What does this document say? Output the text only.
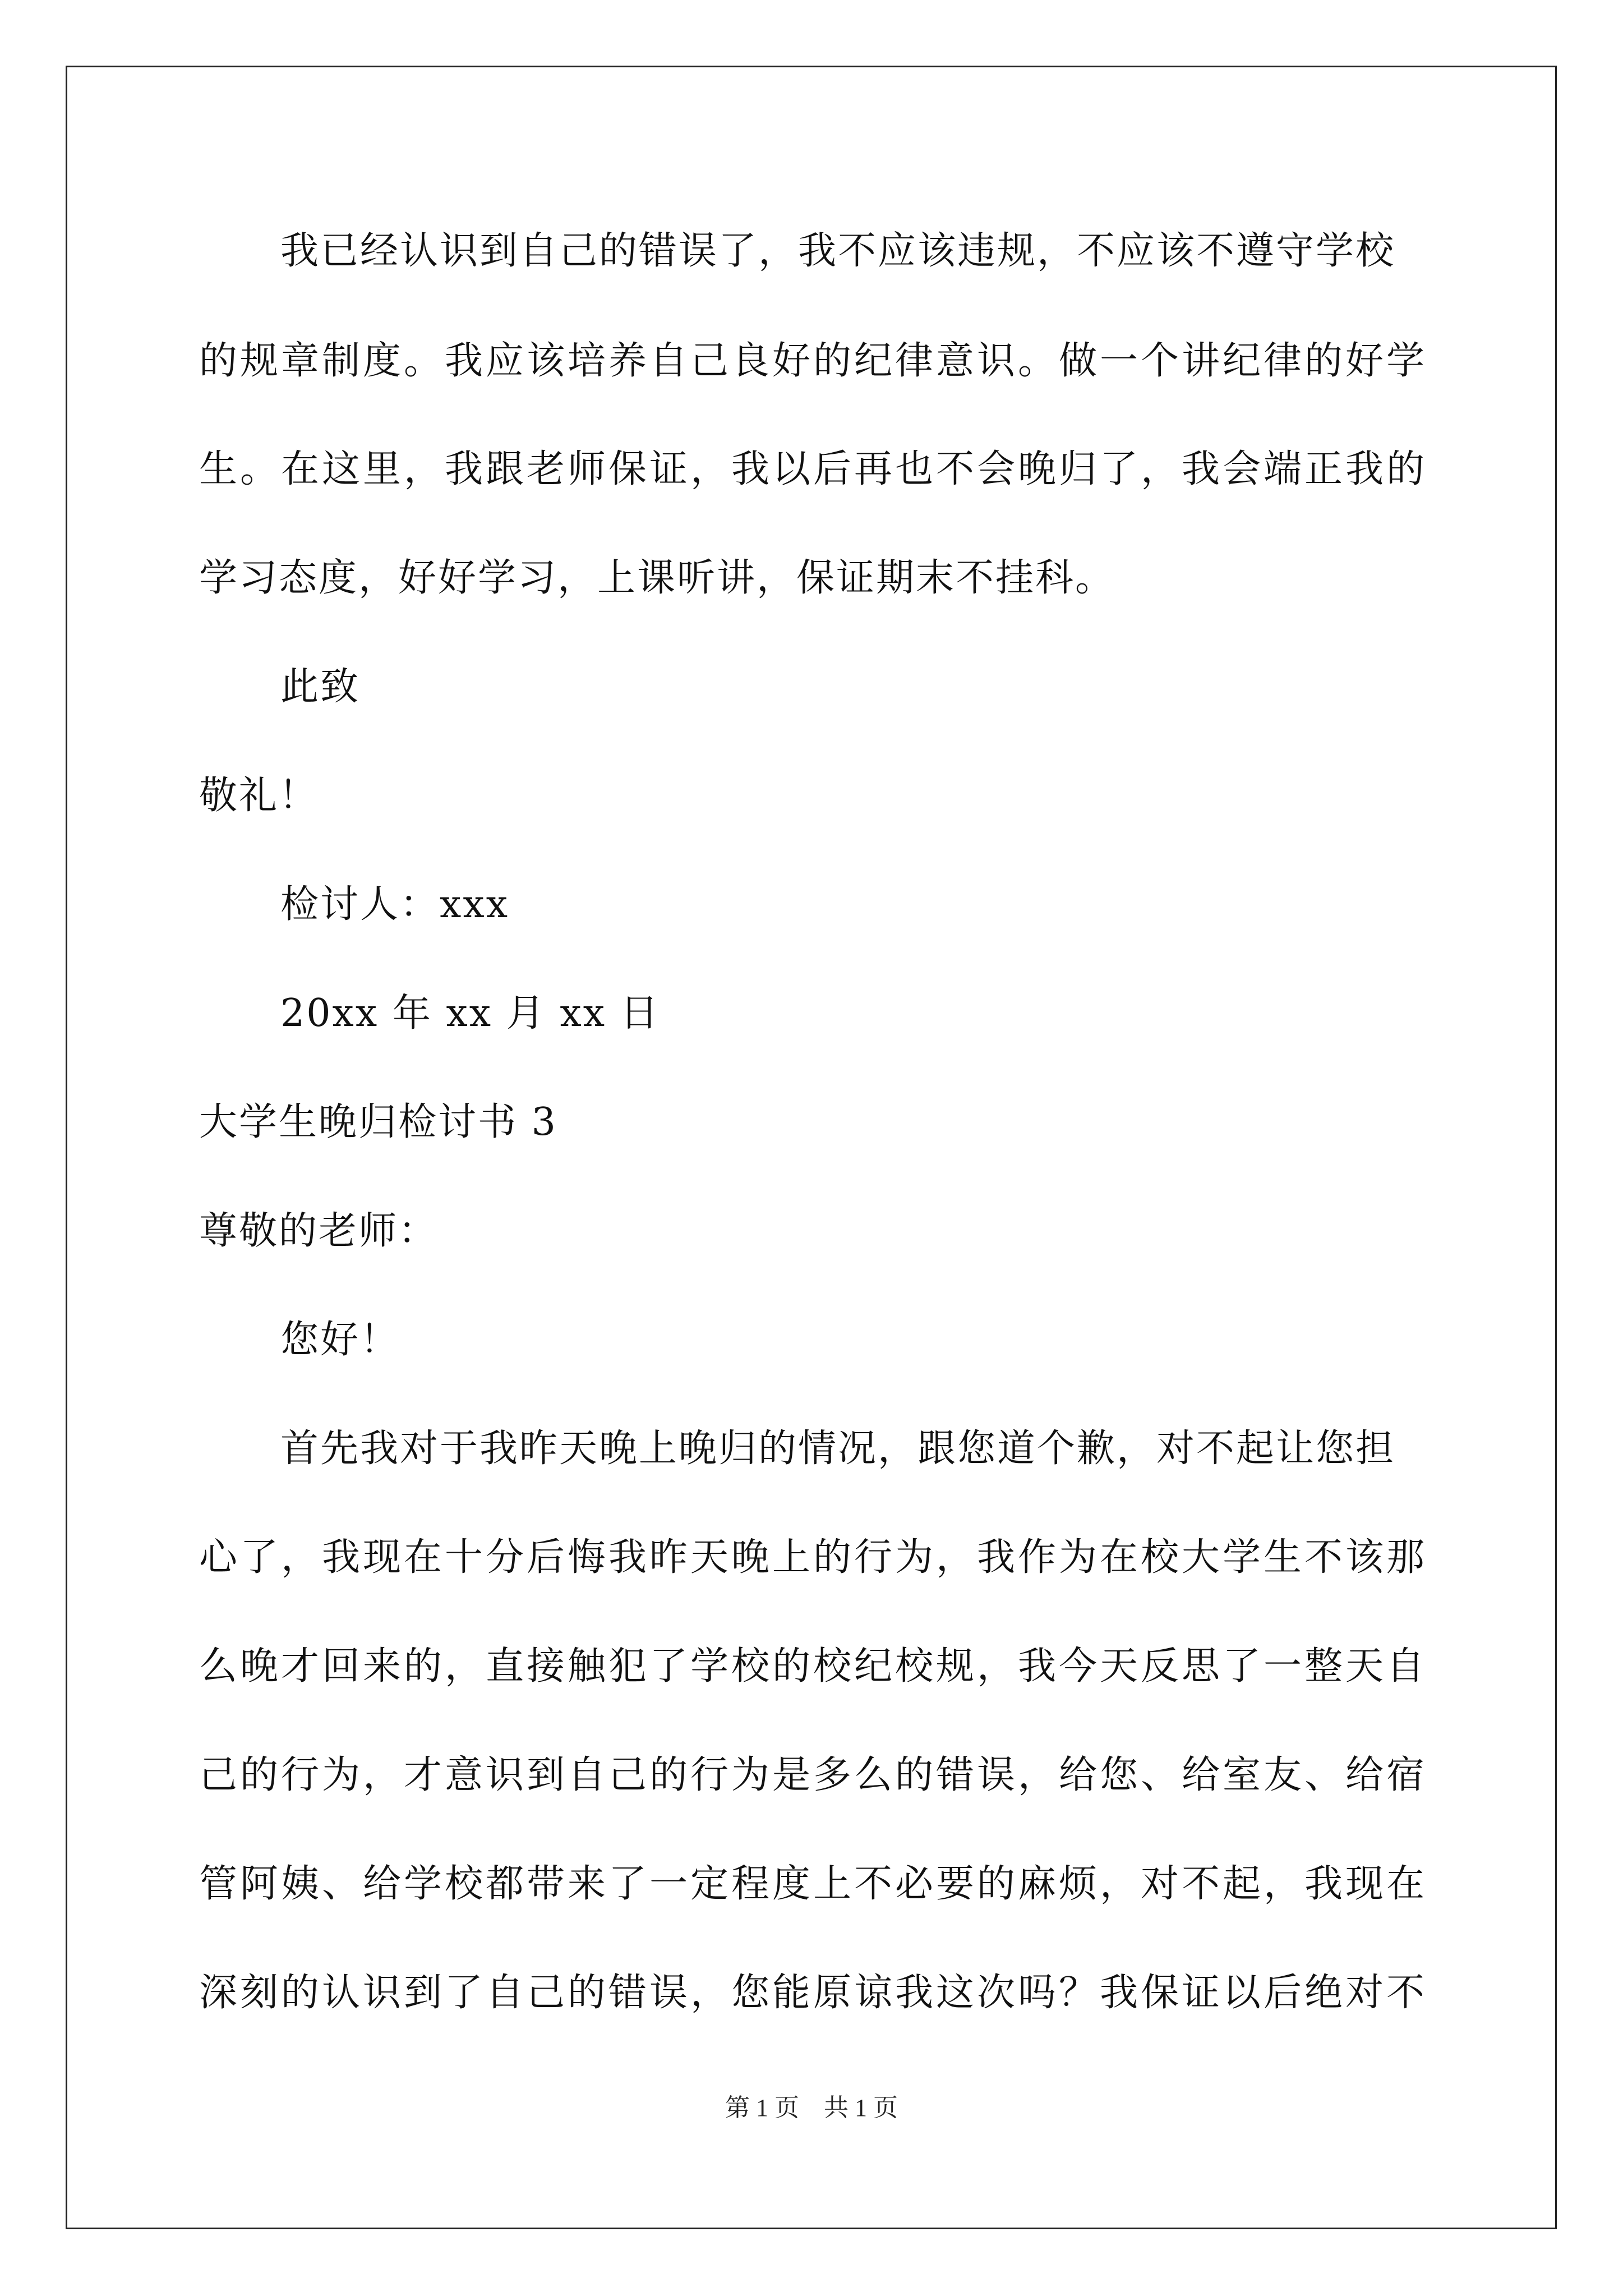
我已经认识到自己的错误了，我不应该违规，不应该不遵守学校
的规章制度。我应该培养自己良好的纪律意识。做一个讲纪律的好学
生。在这里，我跟老师保证，我以后再也不会晚归了，我会端正我的
学习态度，好好学习，上课听讲，保证期末不挂科。
此致
敬礼！
检讨人：xxx
20xx 年 xx 月 xx 日
大学生晚归检讨书 3
尊敬的老师：
您好！
首先我对于我昨天晚上晚归的情况，跟您道个歉，对不起让您担
心了，我现在十分后悔我昨天晚上的行为，我作为在校大学生不该那
么晚才回来的，直接触犯了学校的校纪校规，我今天反思了一整天自
己的行为，才意识到自己的行为是多么的错误，给您、给室友、给宿
管阿姨、给学校都带来了一定程度上不必要的麻烦，对不起，我现在
深刻的认识到了自己的错误，您能原谅我这次吗？我保证以后绝对不
第 1 页　共 1 页
